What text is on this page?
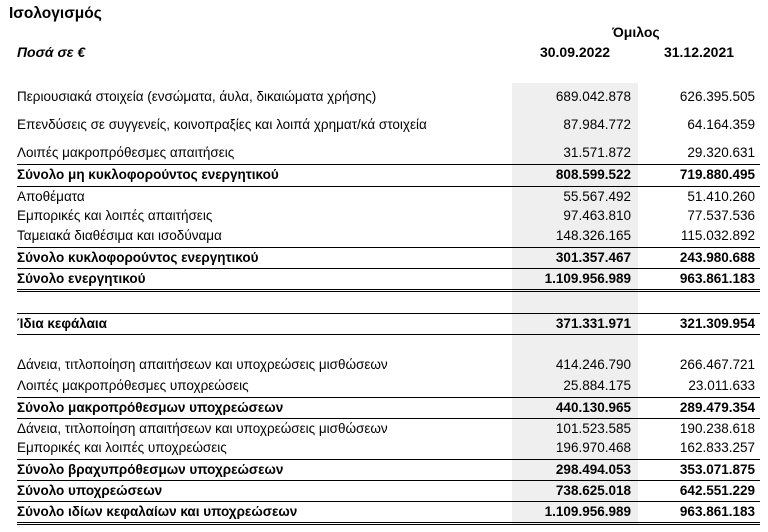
Ισολογισμός
Όμιλος
Ποσά σε €	30.09.2022	31.12.2021
Περιουσιακά στοιχεία (ενσώματα, άυλα, δικαιώματα χρήσης)	689.042.878	626.395.505
Επενδύσεις σε συγγενείς, κοινοπραξίες και λοιπά χρηματ/κά στοιχεία	87.984.772	64.164.359
Λοιπές μακροπρόθεσμες απαιτήσεις	31.571.872	29.320.631
Σύνολο μη κυκλοφορούντος ενεργητικού	808.599.522	719.880.495
Αποθέματα	55.567.492	51.410.260
Εμπορικές και λοιπές απαιτήσεις	97.463.810	77.537.536
Ταμειακά διαθέσιμα και ισοδύναμα	148.326.165	115.032.892
Σύνολο κυκλοφορούντος ενεργητικού	301.357.467	243.980.688
Σύνολο ενεργητικού	1.109.956.989	963.861.183
Ίδια κεφάλαια	371.331.971	321.309.954
Δάνεια, τιτλοποίηση απαιτήσεων και υποχρεώσεις μισθώσεων	414.246.790	266.467.721
Λοιπές μακροπρόθεσμες υποχρεώσεις	25.884.175	23.011.633
Σύνολο μακροπρόθεσμων υποχρεώσεων	440.130.965	289.479.354
Δάνεια, τιτλοποίηση απαιτήσεων και υποχρεώσεις μισθώσεων	101.523.585	190.238.618
Εμπορικές και λοιπές υποχρεώσεις	196.970.468	162.833.257
Σύνολο βραχυπρόθεσμων υποχρεώσεων	298.494.053	353.071.875
Σύνολο υποχρεώσεων	738.625.018	642.551.229
Σύνολο ιδίων κεφαλαίων και υποχρεώσεων	1.109.956.989	963.861.183
